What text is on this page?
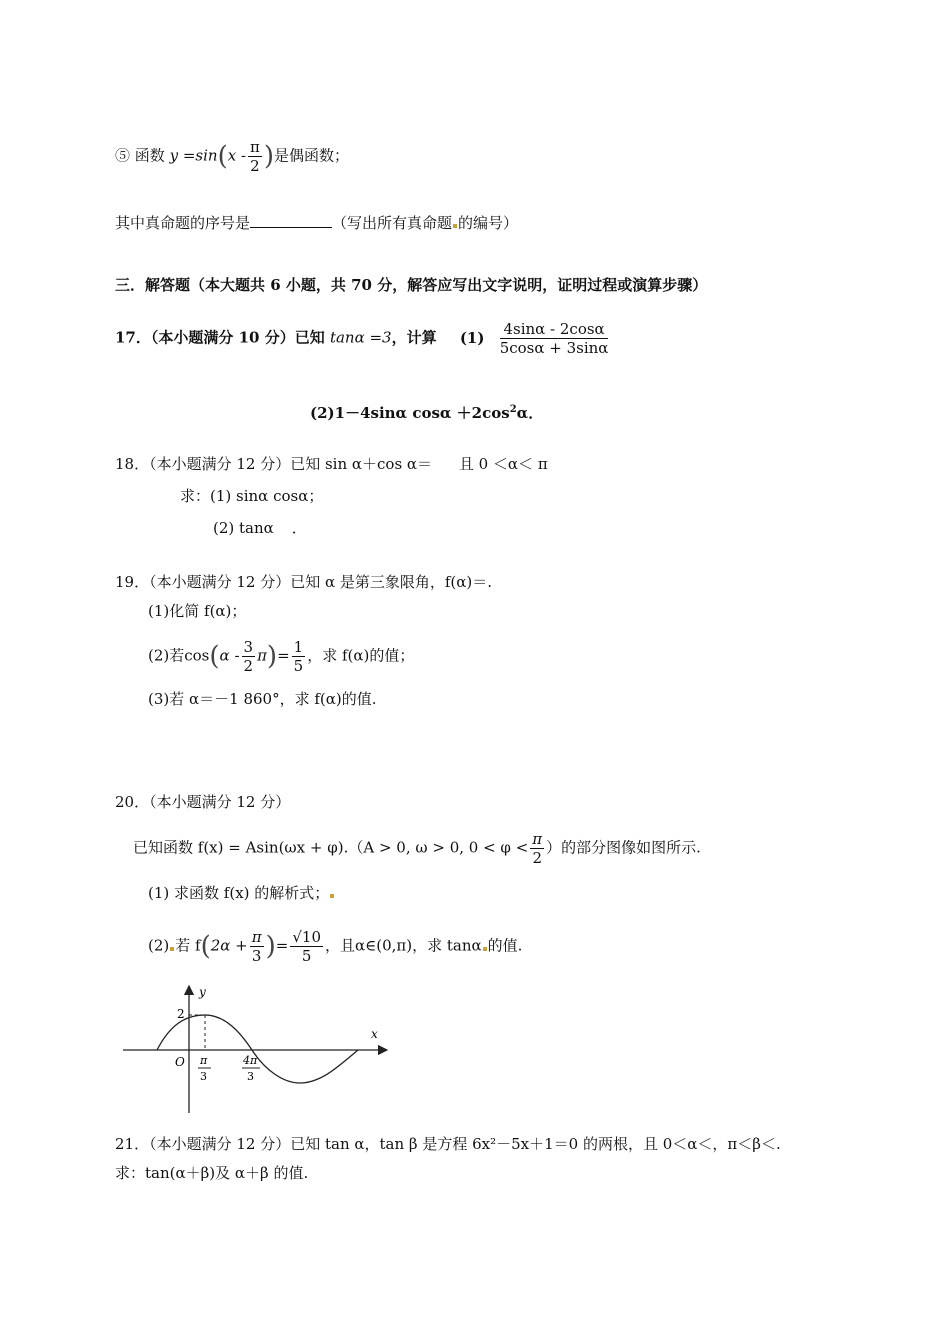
⑤ 函数 $y =\sin(x - \frac{\pi}{2}$ )是偶函数；
其中真命题的序号是	（写出所有真命题 的编号）
三．解答题（本大题共 6 小题，共 70 分，解答应写出文字说明，证明过程或演算步骤）
17．（本小题满分 10 分）已知 tanα =3，计算 $(1) \frac{4\sin\alpha - 2\cos\alpha}{5\cos\alpha + 3\sin\alpha}$
(2)1－4sinα $\cos\alpha +2\cos^2\alpha$．
18．（本小题满分 12 分）已知 sin α＋cos α＝ 且 0 ＜α＜ π
求：(1) sinα cosα；
(2) tanα ．
19．（本小题满分 12 分）已知 α 是第三象限角，f(α)＝.
(1)化简 f(α)；
(2)若$\cos(\alpha - \frac{3}{2} \pi)= \frac{1}{5}$ ，求 f(α)的值；
(3)若 α＝－1 860°，求 f(α)的值.
20．（本小题满分 12 分）
已知函数 f(x) = Asin(ωx + φ).（A > 0, ω > 0, $0 < \varphi < \frac{\pi}{2}$ ）的部分图像如图所示.
(1) 求函数 f(x) 的解析式；
(2) 若 $f(2\alpha + \frac{\pi}{3}$ )= $\frac{√10}{5}$ ，且α∈(0,π)，求 tanα 的值.
y
x
O
2
π
3
4π
3
21．（本小题满分 12 分）已知 tan α，tan β 是方程 6x²－5x＋1＝0 的两根，且 0＜α＜，π＜β＜.
求：tan(α＋β)及 α＋β 的值.
